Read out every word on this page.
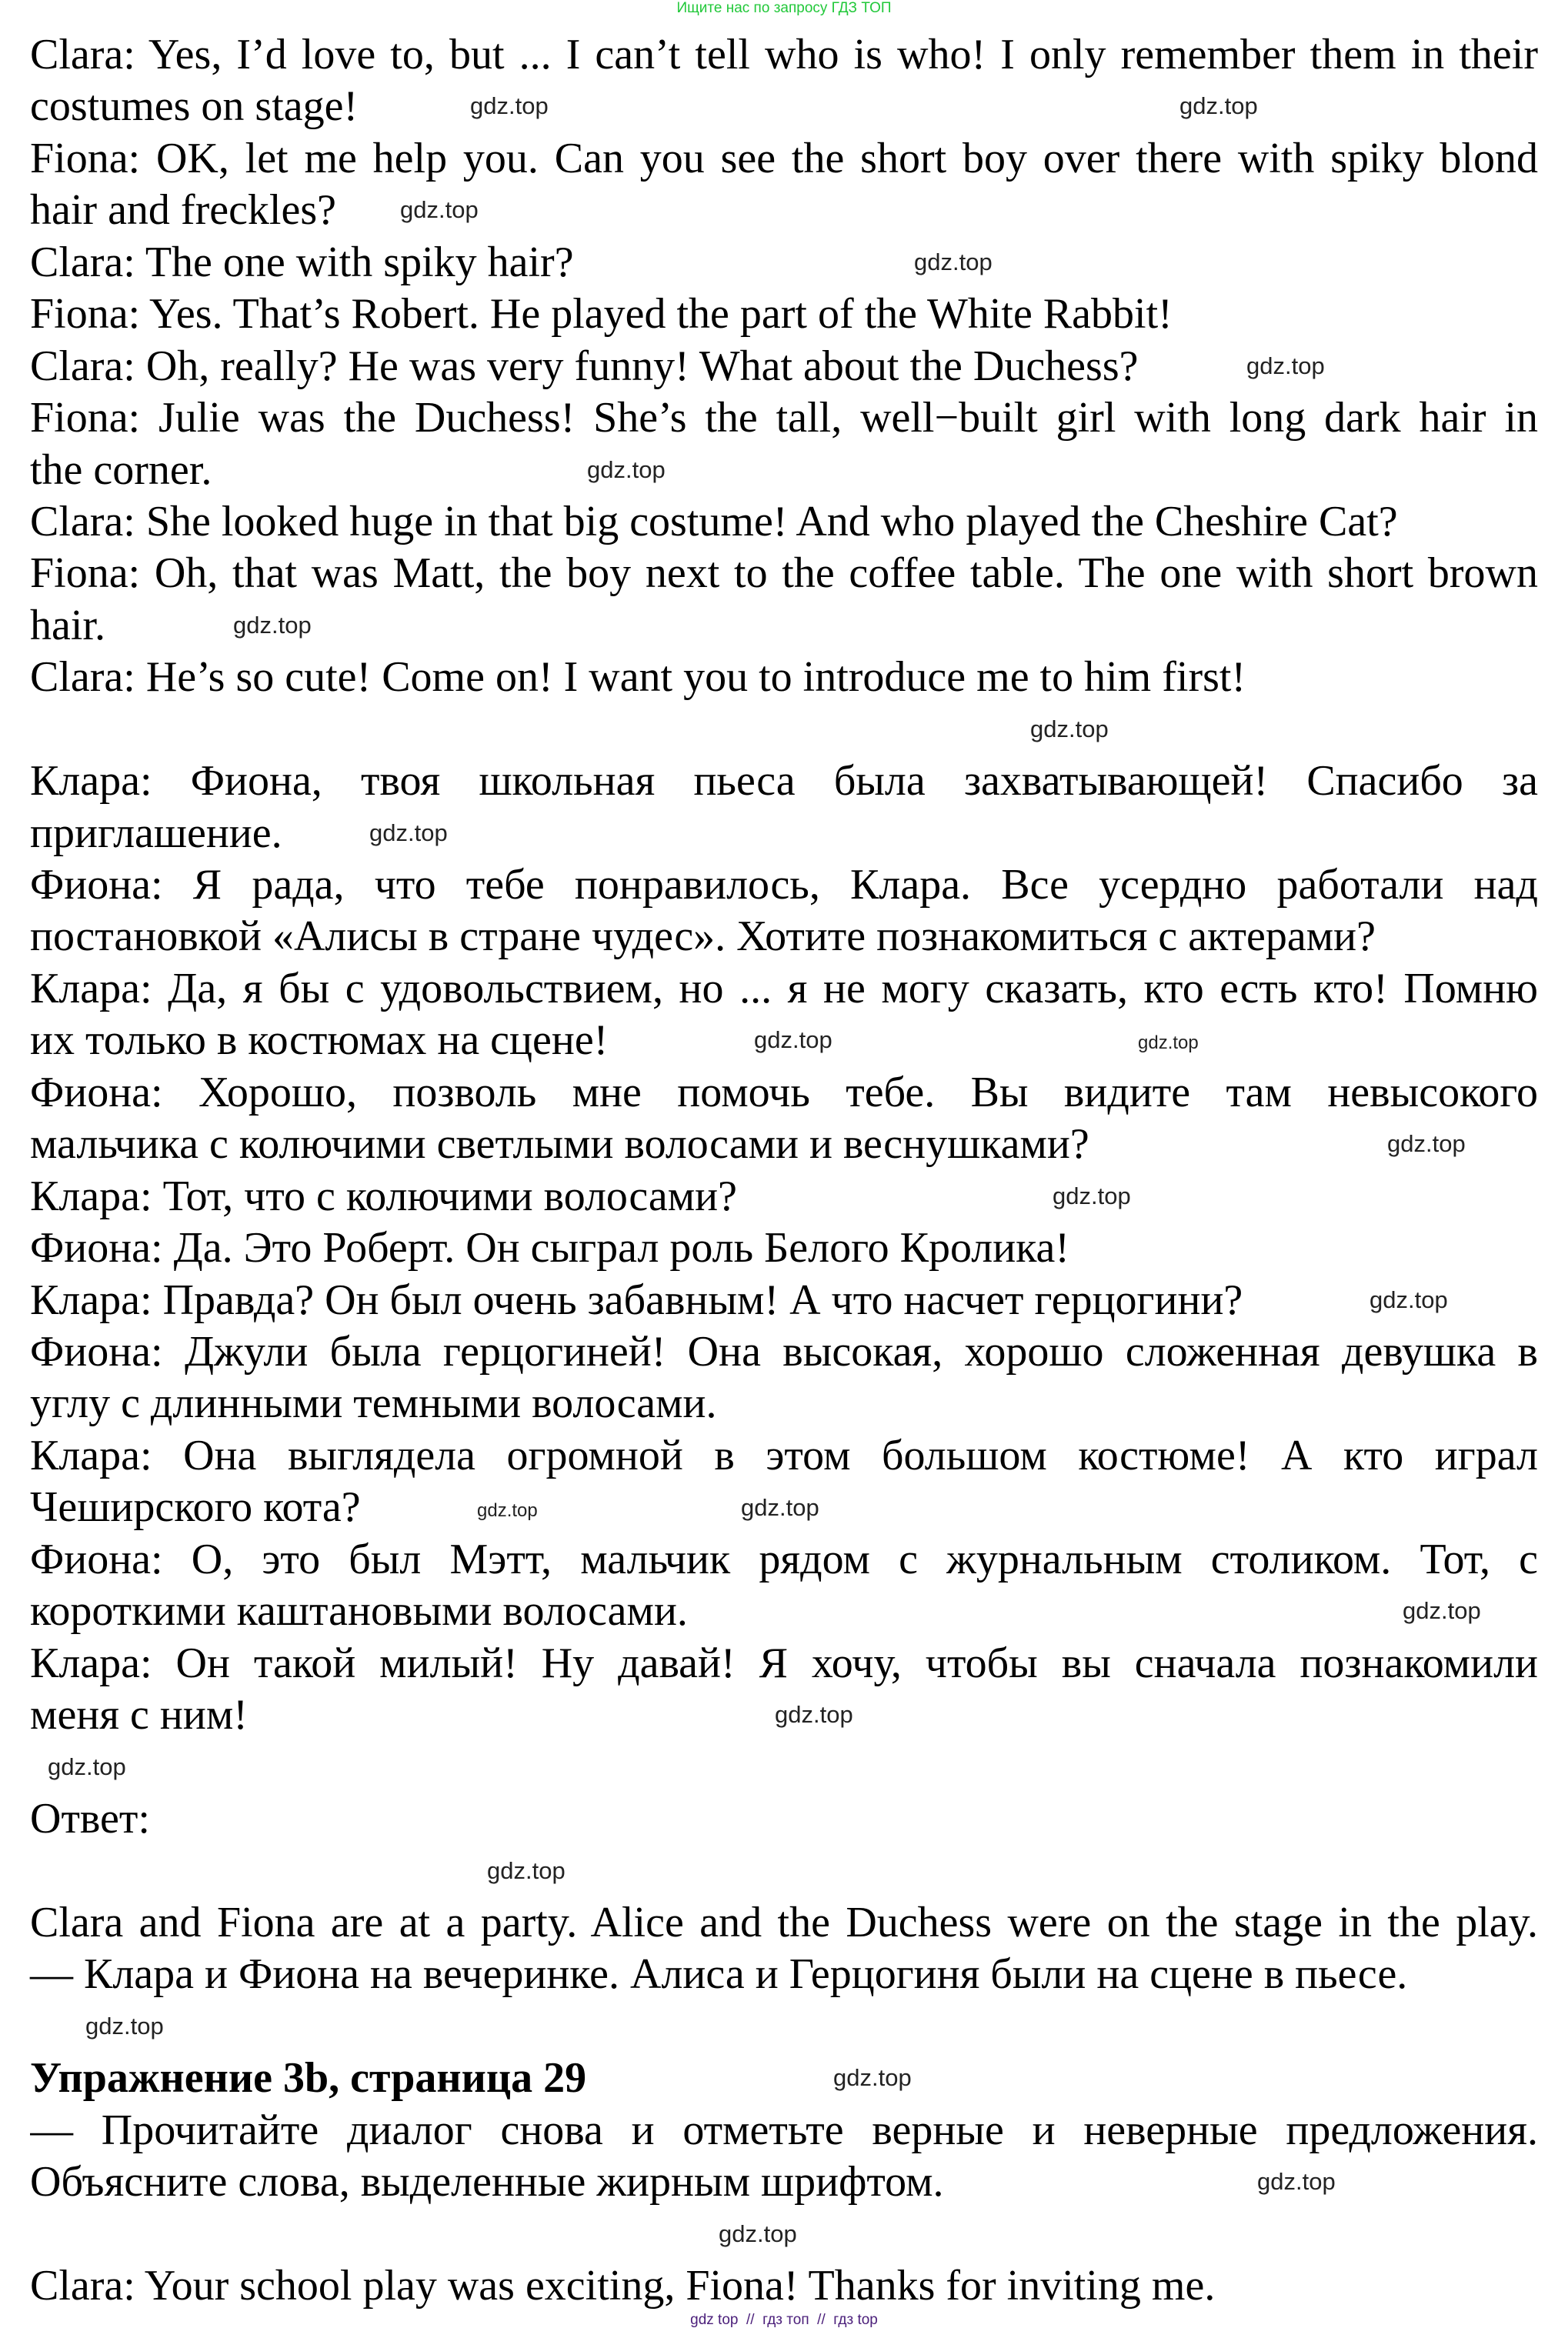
Ищите нас по запросу ГДЗ ТОП
Clara: Yes, I’d love to, but ... I can’t tell who is who! I only remember them in their
costumes on stage!
Fiona: OK, let me help you. Can you see the short boy over there with spiky blond
hair and freckles?
Clara: The one with spiky hair?
Fiona: Yes. That’s Robert. He played the part of the White Rabbit!
Clara: Oh, really? He was very funny! What about the Duchess?
Fiona: Julie was the Duchess! She’s the tall, well−built girl with long dark hair in
the corner.
Clara: She looked huge in that big costume! And who played the Cheshire Cat?
Fiona: Oh, that was Matt, the boy next to the coffee table. The one with short brown
hair.
Clara: He’s so cute! Come on! I want you to introduce me to him first!
Клара: Фиона, твоя школьная пьеса была захватывающей! Спасибо за
приглашение.
Фиона: Я рада, что тебе понравилось, Клара. Все усердно работали над
постановкой «Алисы в стране чудес». Хотите познакомиться с актерами?
Клара: Да, я бы с удовольствием, но ... я не могу сказать, кто есть кто! Помню
их только в костюмах на сцене!
Фиона: Хорошо, позволь мне помочь тебе. Вы видите там невысокого
мальчика с колючими светлыми волосами и веснушками?
Клара: Тот, что с колючими волосами?
Фиона: Да. Это Роберт. Он сыграл роль Белого Кролика!
Клара: Правда? Он был очень забавным! А что насчет герцогини?
Фиона: Джули была герцогиней! Она высокая, хорошо сложенная девушка в
углу с длинными темными волосами.
Клара: Она выглядела огромной в этом большом костюме! А кто играл
Чеширского кота?
Фиона: О, это был Мэтт, мальчик рядом с журнальным столиком. Тот, с
короткими каштановыми волосами.
Клара: Он такой милый! Ну давай! Я хочу, чтобы вы сначала познакомили
меня с ним!
Ответ:
Clara and Fiona are at a party. Alice and the Duchess were on the stage in the play.
— Клара и Фиона на вечеринке. Алиса и Герцогиня были на сцене в пьесе.
Упражнение 3b, страница 29
— Прочитайте диалог снова и отметьте верные и неверные предложения.
Объясните слова, выделенные жирным шрифтом.
Clara: Your school play was exciting, Fiona! Thanks for inviting me.
gdz.top	gdz.top
gdz.top
gdz.top
gdz.top
gdz.top
gdz.top
gdz.top
gdz.top
gdz.top
gdz.top
gdz.top
gdz.top
gdz.top
gdz.top	gdz.top
gdz.top
gdz.top
gdz.top
gdz.top
gdz.top
gdz.top
gdz.top
gdz.top
gdz top  //  гдз топ  //  гдз top
